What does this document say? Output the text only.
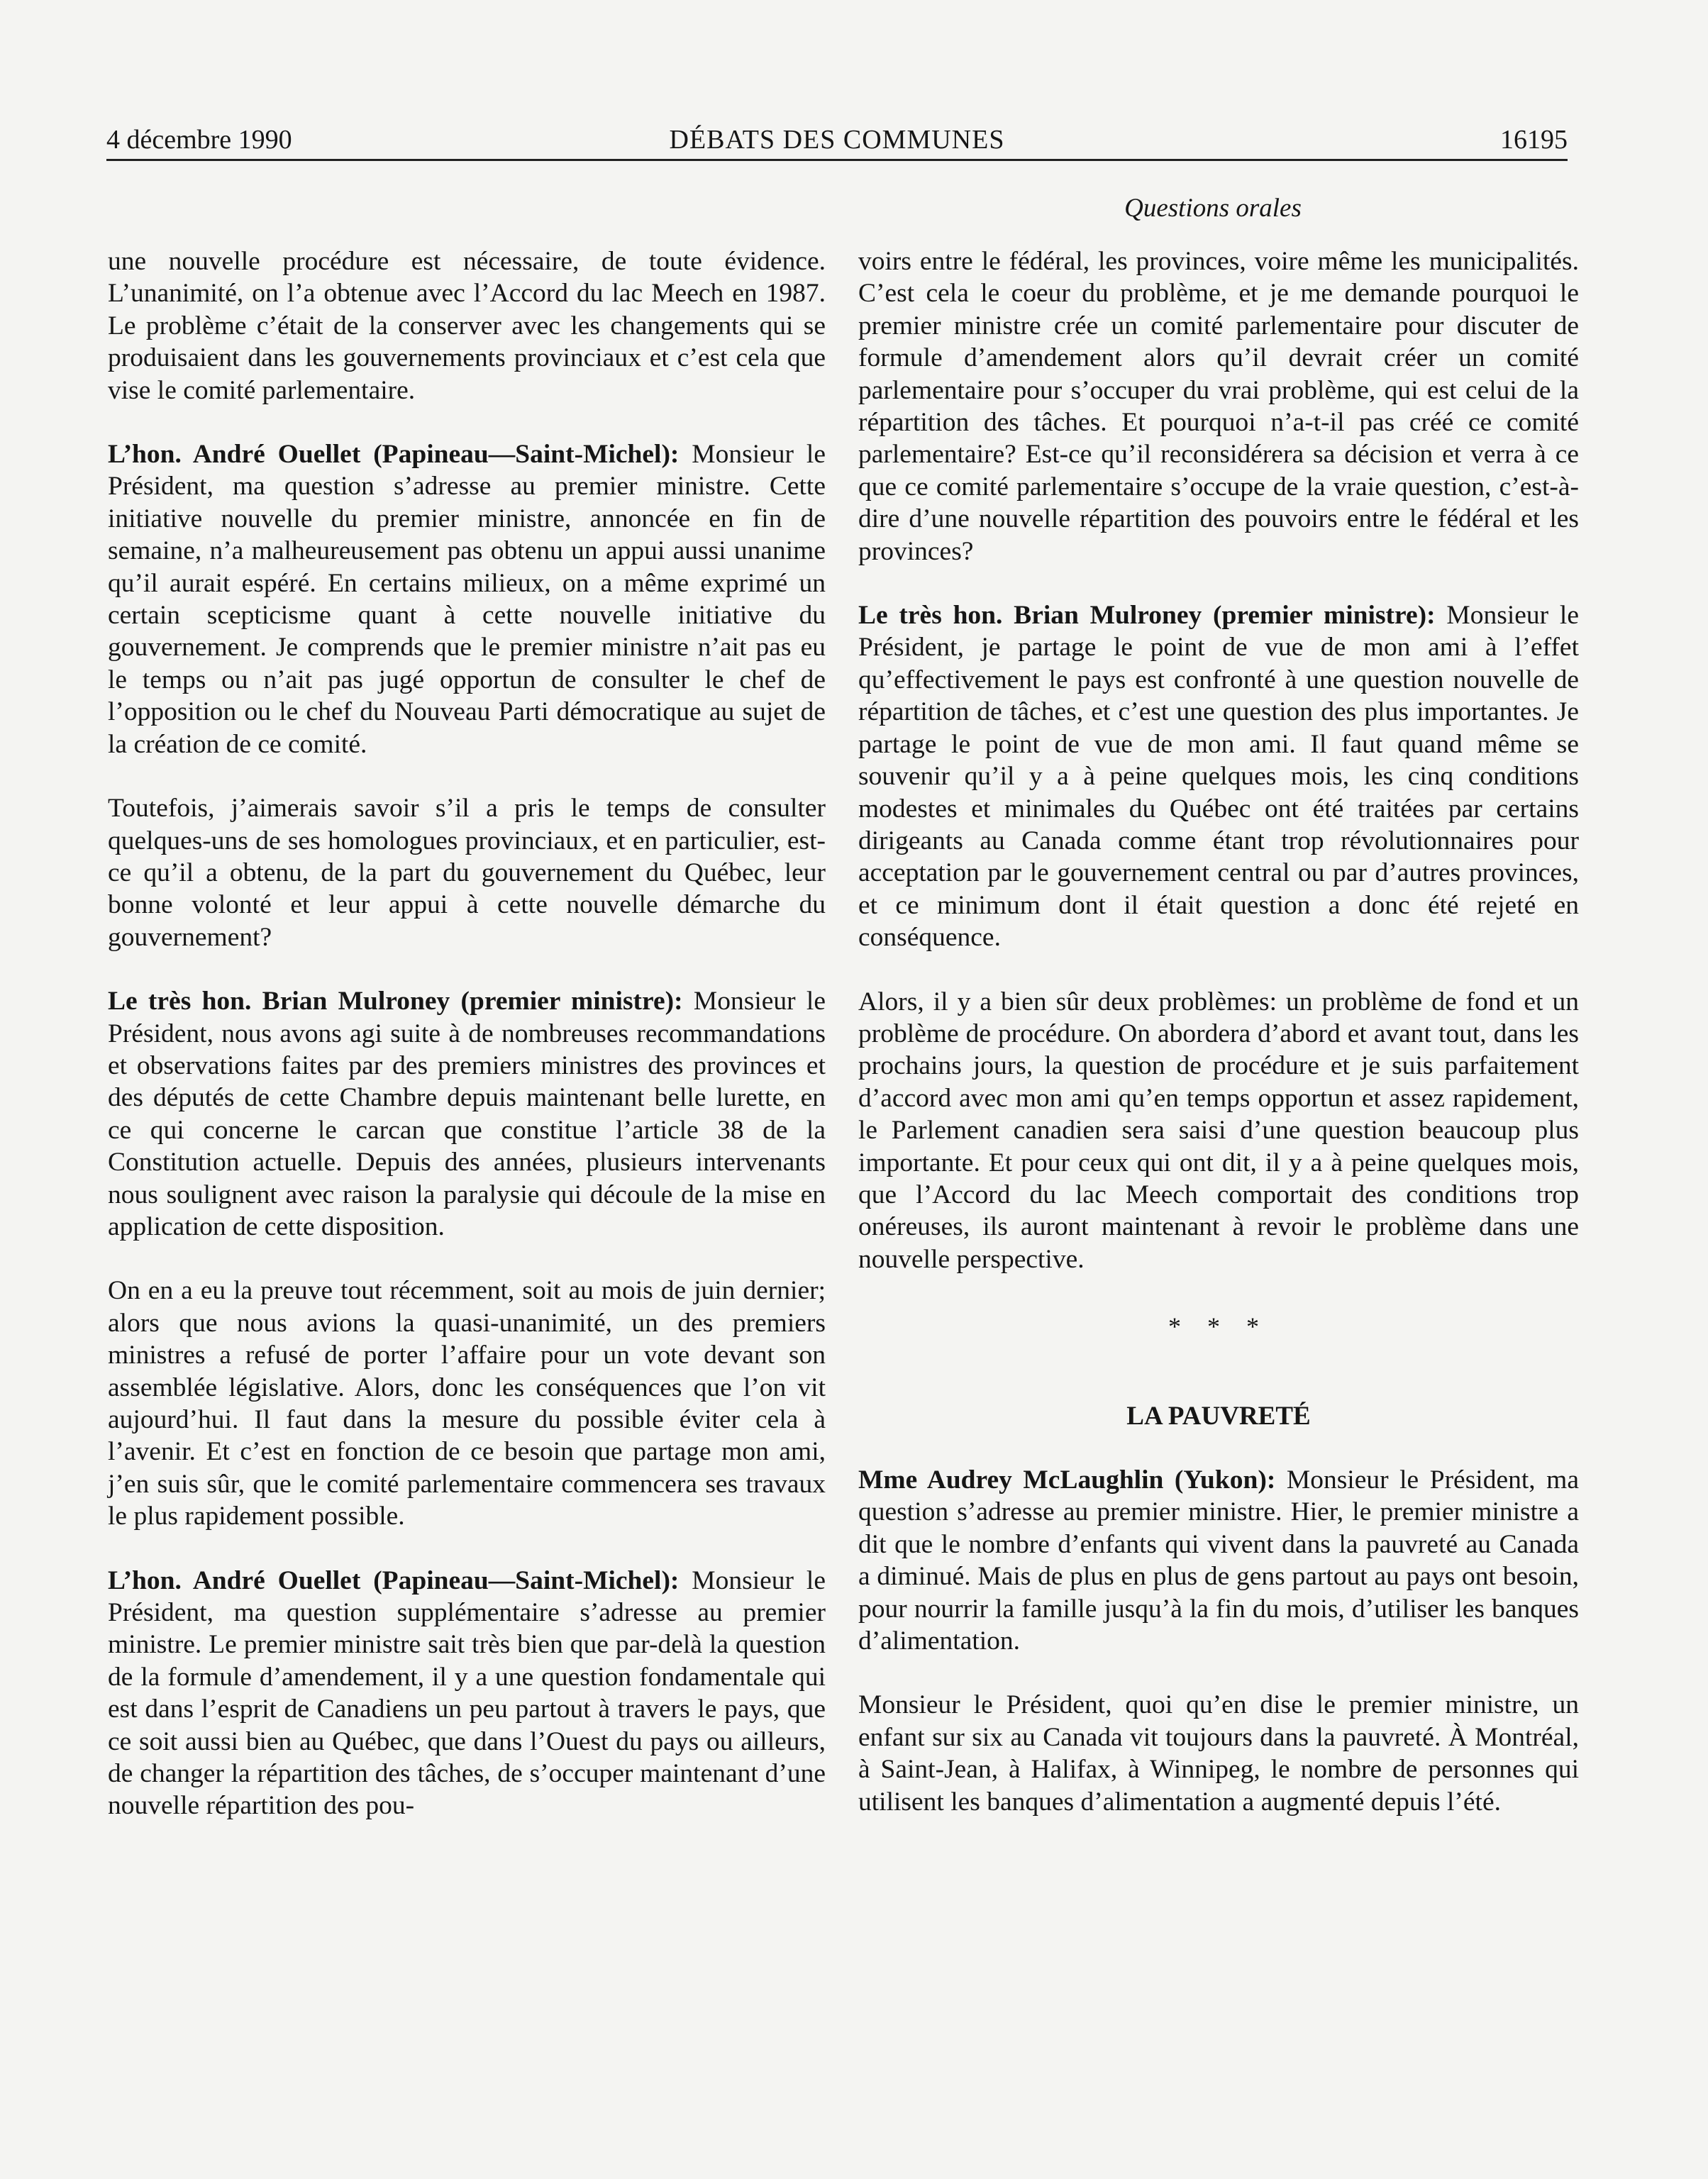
4 décembre 1990	DÉBATS DES COMMUNES	16195
Questions orales

une nouvelle procédure est nécessaire, de toute évidence. L’unanimité, on l’a obtenue avec l’Accord du lac Meech en 1987. Le problème c’était de la conserver avec les changements qui se produisaient dans les gouvernements provinciaux et c’est cela que vise le comité parlementaire.

L’hon. André Ouellet (Papineau—Saint-Michel): Monsieur le Président, ma question s’adresse au premier ministre. Cette initiative nouvelle du premier ministre, annoncée en fin de semaine, n’a malheureusement pas obtenu un appui aussi unanime qu’il aurait espéré. En certains milieux, on a même exprimé un certain scepticisme quant à cette nouvelle initiative du gouvernement. Je comprends que le premier ministre n’ait pas eu le temps ou n’ait pas jugé opportun de consulter le chef de l’opposition ou le chef du Nouveau Parti démocratique au sujet de la création de ce comité.

Toutefois, j’aimerais savoir s’il a pris le temps de consulter quelques-uns de ses homologues provinciaux, et en particulier, est-ce qu’il a obtenu, de la part du gouvernement du Québec, leur bonne volonté et leur appui à cette nouvelle démarche du gouvernement?

Le très hon. Brian Mulroney (premier ministre): Monsieur le Président, nous avons agi suite à de nombreuses recommandations et observations faites par des premiers ministres des provinces et des députés de cette Chambre depuis maintenant belle lurette, en ce qui concerne le carcan que constitue l’article 38 de la Constitution actuelle. Depuis des années, plusieurs intervenants nous soulignent avec raison la paralysie qui découle de la mise en application de cette disposition.

On en a eu la preuve tout récemment, soit au mois de juin dernier; alors que nous avions la quasi-unanimité, un des premiers ministres a refusé de porter l’affaire pour un vote devant son assemblée législative. Alors, donc les conséquences que l’on vit aujourd’hui. Il faut dans la mesure du possible éviter cela à l’avenir. Et c’est en fonction de ce besoin que partage mon ami, j’en suis sûr, que le comité parlementaire commencera ses travaux le plus rapidement possible.

L’hon. André Ouellet (Papineau—Saint-Michel): Monsieur le Président, ma question supplémentaire s’adresse au premier ministre. Le premier ministre sait très bien que par-delà la question de la formule d’amendement, il y a une question fondamentale qui est dans l’esprit de Canadiens un peu partout à travers le pays, que ce soit aussi bien au Québec, que dans l’Ouest du pays ou ailleurs, de changer la répartition des tâches, de s’occuper maintenant d’une nouvelle répartition des pou-

voirs entre le fédéral, les provinces, voire même les municipalités. C’est cela le coeur du problème, et je me demande pourquoi le premier ministre crée un comité parlementaire pour discuter de formule d’amendement alors qu’il devrait créer un comité parlementaire pour s’occuper du vrai problème, qui est celui de la répartition des tâches. Et pourquoi n’a-t-il pas créé ce comité parlementaire? Est-ce qu’il reconsidérera sa décision et verra à ce que ce comité parlementaire s’occupe de la vraie question, c’est-à-dire d’une nouvelle répartition des pouvoirs entre le fédéral et les provinces?

Le très hon. Brian Mulroney (premier ministre): Monsieur le Président, je partage le point de vue de mon ami à l’effet qu’effectivement le pays est confronté à une question nouvelle de répartition de tâches, et c’est une question des plus importantes. Je partage le point de vue de mon ami. Il faut quand même se souvenir qu’il y a à peine quelques mois, les cinq conditions modestes et minimales du Québec ont été traitées par certains dirigeants au Canada comme étant trop révolutionnaires pour acceptation par le gouvernement central ou par d’autres provinces, et ce minimum dont il était question a donc été rejeté en conséquence.

Alors, il y a bien sûr deux problèmes: un problème de fond et un problème de procédure. On abordera d’abord et avant tout, dans les prochains jours, la question de procédure et je suis parfaitement d’accord avec mon ami qu’en temps opportun et assez rapidement, le Parlement canadien sera saisi d’une question beaucoup plus importante. Et pour ceux qui ont dit, il y a à peine quelques mois, que l’Accord du lac Meech comportait des conditions trop onéreuses, ils auront maintenant à revoir le problème dans une nouvelle perspective.

* * *
LA PAUVRETÉ

Mme Audrey McLaughlin (Yukon): Monsieur le Président, ma question s’adresse au premier ministre. Hier, le premier ministre a dit que le nombre d’enfants qui vivent dans la pauvreté au Canada a diminué. Mais de plus en plus de gens partout au pays ont besoin, pour nourrir la famille jusqu’à la fin du mois, d’utiliser les banques d’alimentation.

Monsieur le Président, quoi qu’en dise le premier ministre, un enfant sur six au Canada vit toujours dans la pauvreté. À Montréal, à Saint-Jean, à Halifax, à Winnipeg, le nombre de personnes qui utilisent les banques d’alimentation a augmenté depuis l’été.
